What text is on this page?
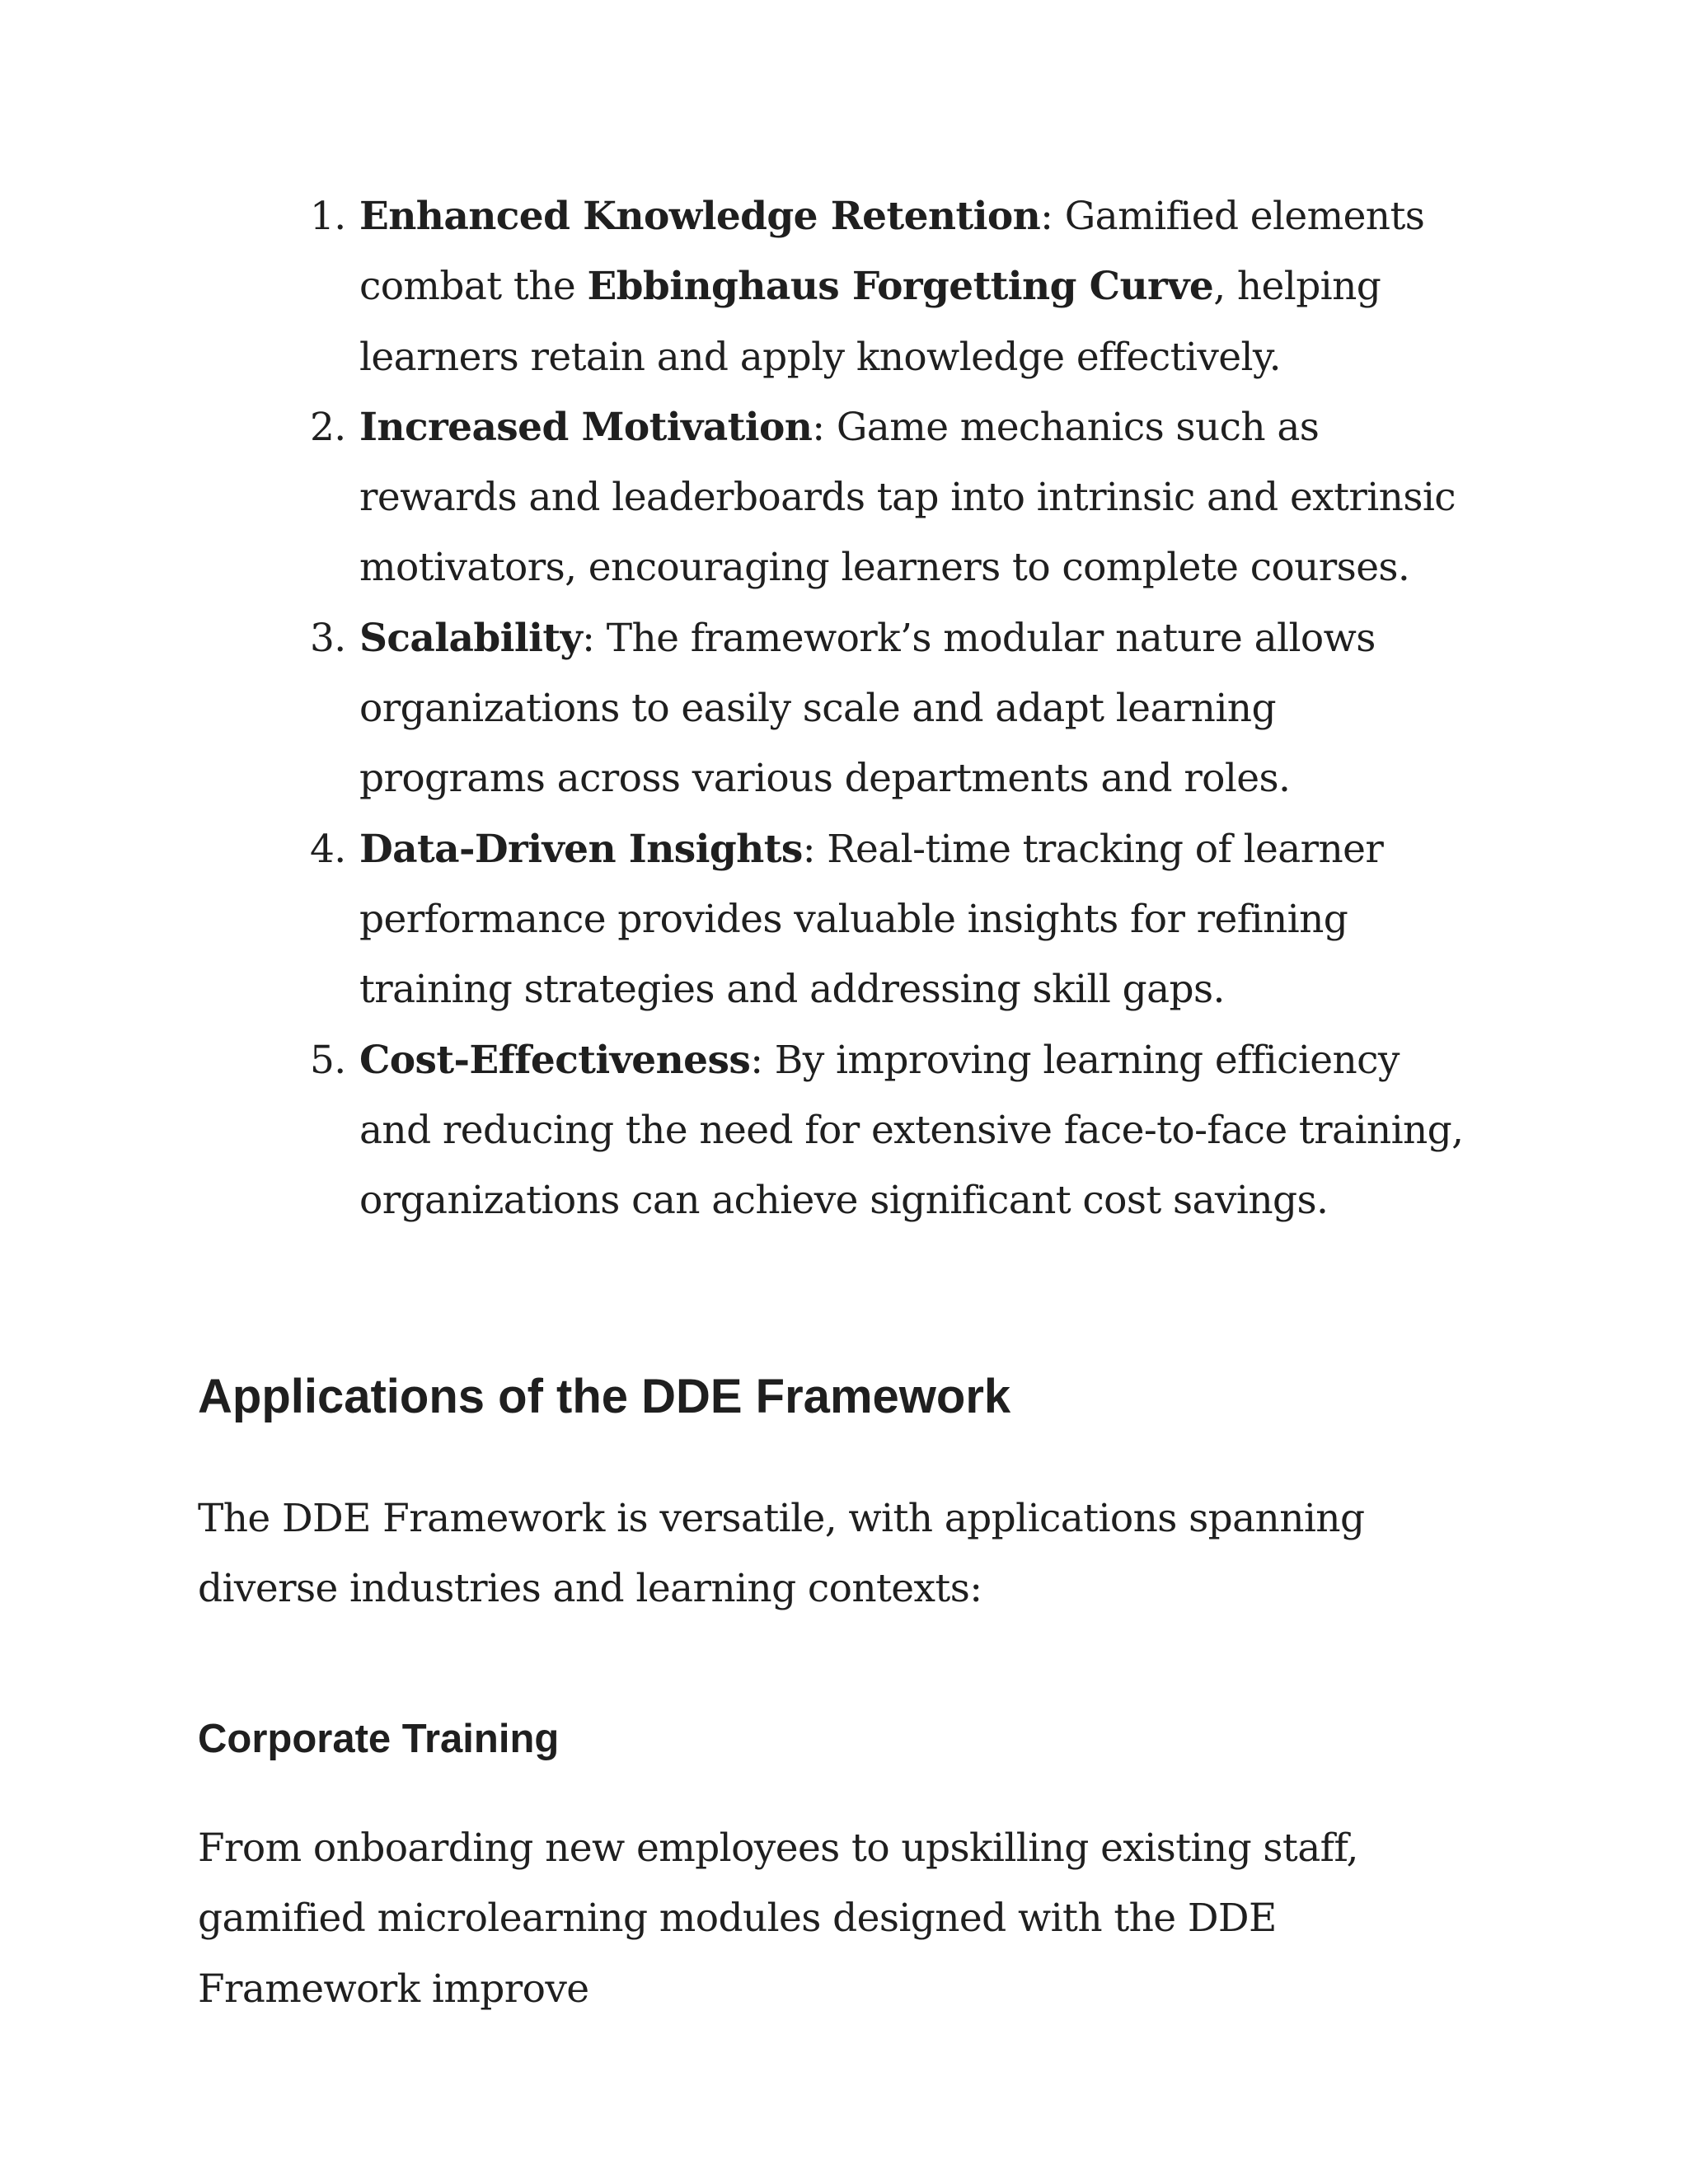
1. Enhanced Knowledge Retention: Gamified elements combat the Ebbinghaus Forgetting Curve, helping learners retain and apply knowledge effectively.
2. Increased Motivation: Game mechanics such as rewards and leaderboards tap into intrinsic and extrinsic motivators, encouraging learners to complete courses.
3. Scalability: The framework’s modular nature allows organizations to easily scale and adapt learning programs across various departments and roles.
4. Data-Driven Insights: Real-time tracking of learner performance provides valuable insights for refining training strategies and addressing skill gaps.
5. Cost-Effectiveness: By improving learning efficiency and reducing the need for extensive face-to-face training, organizations can achieve significant cost savings.
Applications of the DDE Framework

The DDE Framework is versatile, with applications spanning diverse industries and learning contexts:

Corporate Training

From onboarding new employees to upskilling existing staff, gamified microlearning modules designed with the DDE Framework improve
